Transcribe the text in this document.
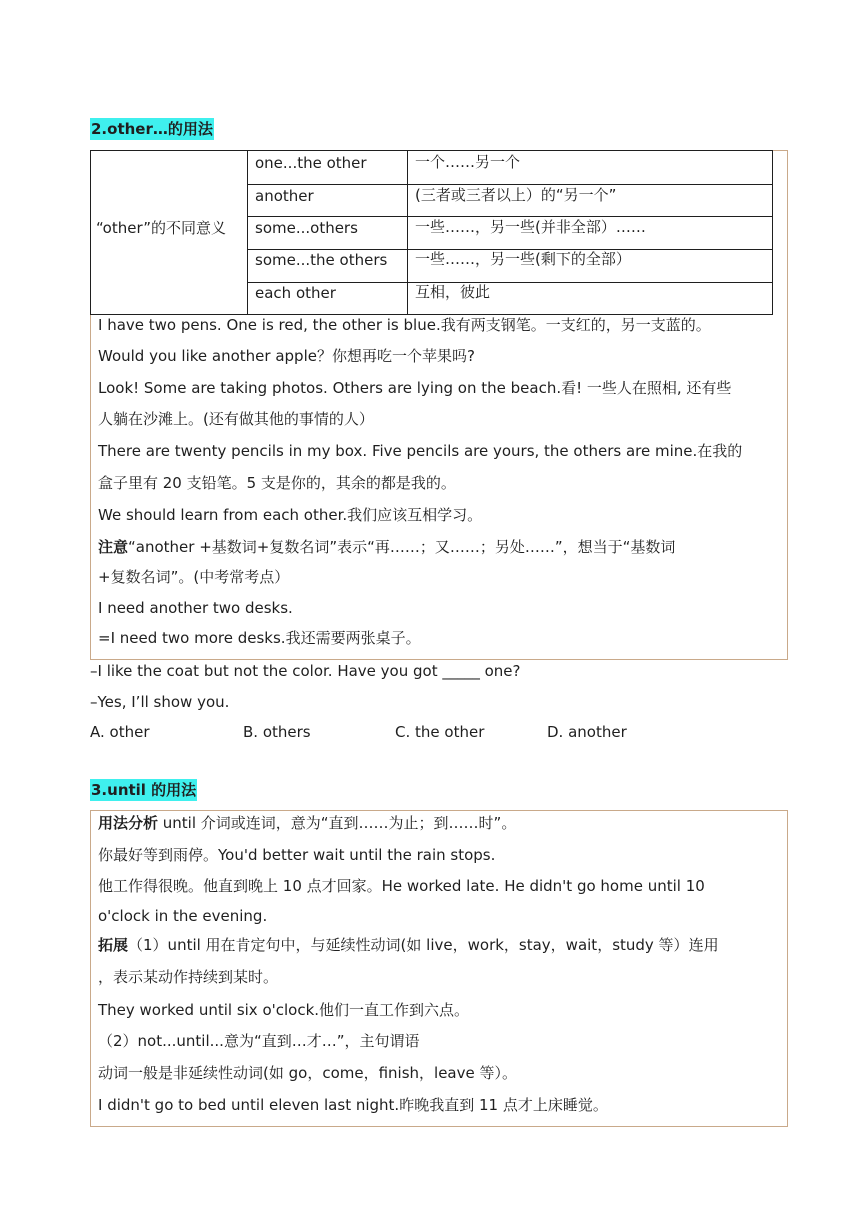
2.other…的用法
“other”的不同意义
one...the other	一个……另一个
another	(三者或三者以上）的“另一个”
some...others	一些……，另一些(并非全部）……
some...the others 一些……，另一些(剩下的全部）
each other	互相，彼此
I have two pens. One is red, the other is blue.我有两支钢笔。一支红的，另一支蓝的。
Would you like another apple？你想再吃一个苹果吗?
Look! Some are taking photos. Others are lying on the beach.看! 一些人在照相, 还有些
人躺在沙滩上。(还有做其他的事情的人）
There are twenty pencils in my box. Five pencils are yours, the others are mine.在我的
盒子里有 20 支铅笔。5 支是你的，其余的都是我的。
We should learn from each other.我们应该互相学习。
注意“another +基数词+复数名词”表示“再……；又……；另处……”，想当于“基数词
+复数名词”。(中考常考点）
I need another two desks.
=I need two more desks.我还需要两张桌子。
–I like the coat but not the color. Have you got _____ one?
–Yes, I’ll show you.
A. other	B. others	C. the other	D. another
3.until 的用法
用法分析 until 介词或连词，意为“直到……为止；到……时”。
你最好等到雨停。You'd better wait until the rain stops.
他工作得很晚。他直到晚上 10 点才回家。He worked late. He didn't go home until 10
o'clock in the evening.
拓展（1）until 用在肯定句中，与延续性动词(如 live，work，stay，wait，study 等）连用
，表示某动作持续到某时。
They worked until six o'clock.他们一直工作到六点。
（2）not...until...意为“直到…才…”，主句谓语
动词一般是非延续性动词(如 go，come，finish，leave 等）。
I didn't go to bed until eleven last night.昨晚我直到 11 点才上床睡觉。
